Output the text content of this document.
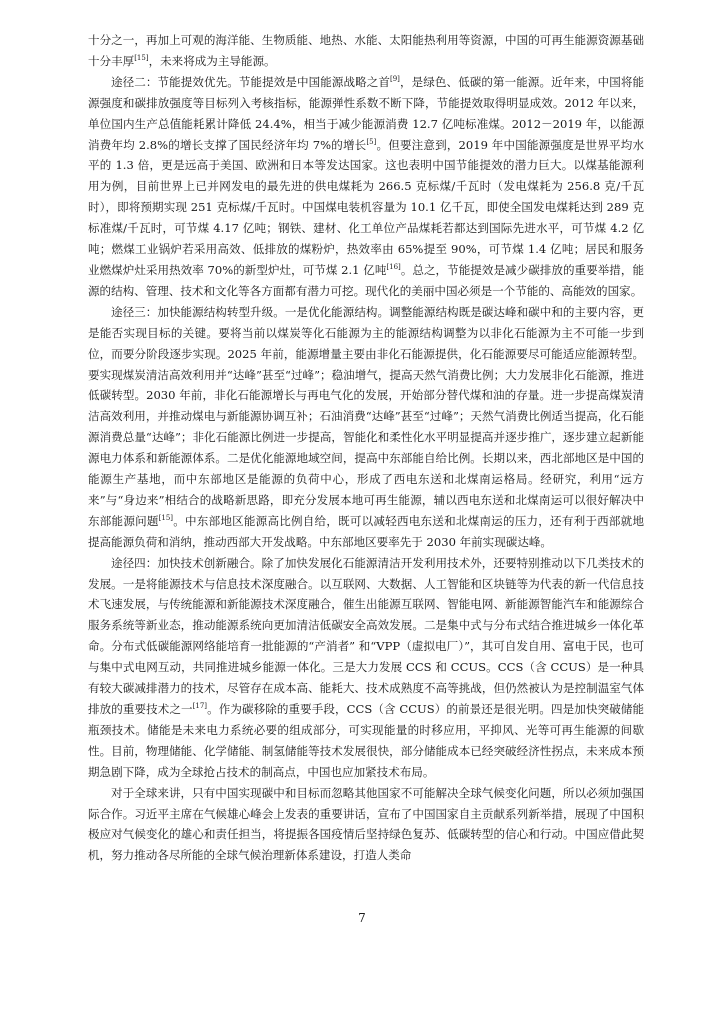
十分之一，再加上可观的海洋能、生物质能、地热、水能、太阳能热利用等资源，中国的可再生能源资源基础十分丰厚[15]，未来将成为主导能源。

途径二：节能提效优先。节能提效是中国能源战略之首[9]，是绿色、低碳的第一能源。近年来，中国将能源强度和碳排放强度等目标列入考核指标，能源弹性系数不断下降，节能提效取得明显成效。2012 年以来，单位国内生产总值能耗累计降低 24.4%，相当于减少能源消费 12.7 亿吨标准煤。2012－2019 年，以能源消费年均 2.8%的增长支撑了国民经济年均 7%的增长[5]。但要注意到，2019 年中国能源强度是世界平均水平的 1.3 倍，更是远高于美国、欧洲和日本等发达国家。这也表明中国节能提效的潜力巨大。以煤基能源利用为例，目前世界上已并网发电的最先进的供电煤耗为 266.5 克标煤/千瓦时（发电煤耗为 256.8 克/千瓦时），即将预期实现 251 克标煤/千瓦时。中国煤电装机容量为 10.1 亿千瓦，即使全国发电煤耗达到 289 克标准煤/千瓦时，可节煤 4.17 亿吨；钢铁、建材、化工单位产品煤耗若都达到国际先进水平，可节煤 4.2 亿吨；燃煤工业锅炉若采用高效、低排放的煤粉炉，热效率由 65%提至 90%，可节煤 1.4 亿吨；居民和服务业燃煤炉灶采用热效率 70%的新型炉灶，可节煤 2.1 亿吨[16]。总之，节能提效是减少碳排放的重要举措，能源的结构、管理、技术和文化等各方面都有潜力可挖。现代化的美丽中国必须是一个节能的、高能效的国家。

途径三：加快能源结构转型升级。一是优化能源结构。调整能源结构既是碳达峰和碳中和的主要内容，更是能否实现目标的关键。要将当前以煤炭等化石能源为主的能源结构调整为以非化石能源为主不可能一步到位，而要分阶段逐步实现。2025 年前，能源增量主要由非化石能源提供，化石能源要尽可能适应能源转型。要实现煤炭清洁高效利用并“达峰”甚至“过峰”；稳油增气，提高天然气消费比例；大力发展非化石能源，推进低碳转型。2030 年前，非化石能源增长与再电气化的发展，开始部分替代煤和油的存量。进一步提高煤炭清洁高效利用，并推动煤电与新能源协调互补；石油消费“达峰”甚至“过峰”；天然气消费比例适当提高，化石能源消费总量“达峰”；非化石能源比例进一步提高，智能化和柔性化水平明显提高并逐步推广，逐步建立起新能源电力体系和新能源体系。二是优化能源地域空间，提高中东部能自给比例。长期以来，西北部地区是中国的能源生产基地，而中东部地区是能源的负荷中心，形成了西电东送和北煤南运格局。经研究，利用“远方来”与“身边来”相结合的战略新思路，即充分发展本地可再生能源，辅以西电东送和北煤南运可以很好解决中东部能源问题[15]。中东部地区能源高比例自给，既可以减轻西电东送和北煤南运的压力，还有利于西部就地提高能源负荷和消纳，推动西部大开发战略。中东部地区要率先于 2030 年前实现碳达峰。

途径四：加快技术创新融合。除了加快发展化石能源清洁开发利用技术外，还要特别推动以下几类技术的发展。一是将能源技术与信息技术深度融合。以互联网、大数据、人工智能和区块链等为代表的新一代信息技术飞速发展，与传统能源和新能源技术深度融合，催生出能源互联网、智能电网、新能源智能汽车和能源综合服务系统等新业态，推动能源系统向更加清洁低碳安全高效发展。二是集中式与分布式结合推进城乡一体化革命。分布式低碳能源网络能培育一批能源的“产消者” 和“VPP（虚拟电厂）”，其可自发自用、富电于民，也可与集中式电网互动，共同推进城乡能源一体化。三是大力发展 CCS 和 CCUS。CCS（含 CCUS）是一种具有较大碳减排潜力的技术，尽管存在成本高、能耗大、技术成熟度不高等挑战，但仍然被认为是控制温室气体排放的重要技术之一[17]。作为碳移除的重要手段，CCS（含 CCUS）的前景还是很光明。四是加快突破储能瓶颈技术。储能是未来电力系统必要的组成部分，可实现能量的时移应用，平抑风、光等可再生能源的间歇性。目前，物理储能、化学储能、制氢储能等技术发展很快，部分储能成本已经突破经济性拐点，未来成本预期急剧下降，成为全球抢占技术的制高点，中国也应加紧技术布局。

对于全球来讲，只有中国实现碳中和目标而忽略其他国家不可能解决全球气候变化问题，所以必须加强国际合作。习近平主席在气候雄心峰会上发表的重要讲话，宣布了中国国家自主贡献系列新举措，展现了中国积极应对气候变化的雄心和责任担当，将提振各国疫情后坚持绿色复苏、低碳转型的信心和行动。中国应借此契机，努力推动各尽所能的全球气候治理新体系建设，打造人类命

7
